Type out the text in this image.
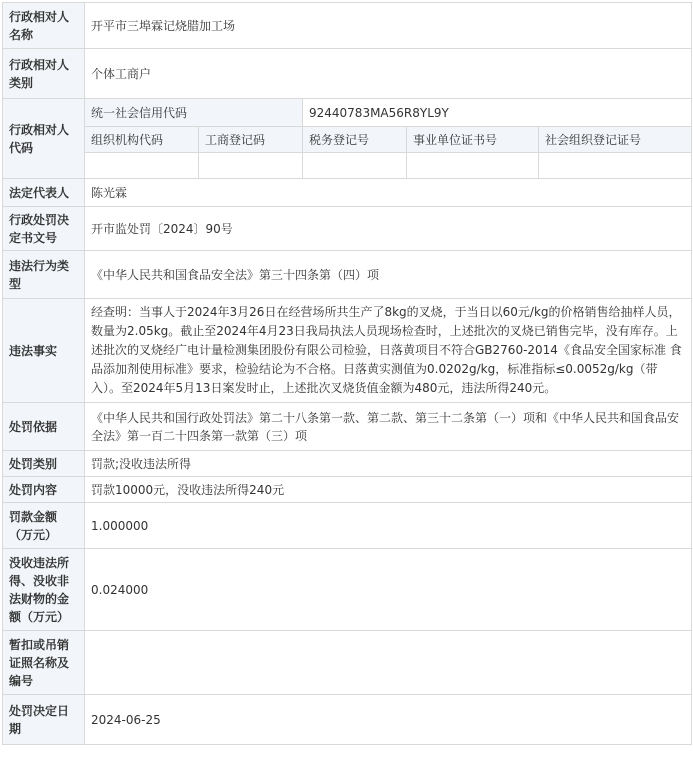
行政相对人名称	开平市三埠霖记烧腊加工场				
行政相对人类别	个体工商户				
行政相对人代码	统一社会信用代码		92440783MA56R8YL9Y		
	组织机构代码	工商登记码	税务登记号	事业单位证书号	社会组织登记证号

法定代表人	陈光霖				
行政处罚决定书文号	开市监处罚〔2024〕90号				
违法行为类型	《中华人民共和国食品安全法》第三十四条第（四）项				
违法事实	经查明：当事人于2024年3月26日在经营场所共生产了8kg的叉烧，于当日以60元/kg的价格销售给抽样人员，数量为2.05kg。截止至2024年4月23日我局执法人员现场检查时，上述批次的叉烧已销售完毕，没有库存。上述批次的叉烧经广电计量检测集团股份有限公司检验，日落黄项目不符合GB2760-2014《食品安全国家标准 食品添加剂使用标准》要求，检验结论为不合格。日落黄实测值为0.0202g/kg，标准指标≤0.0052g/kg（带入）。至2024年5月13日案发时止，上述批次叉烧货值金额为480元，违法所得240元。				
处罚依据	《中华人民共和国行政处罚法》第二十八条第一款、第二款、第三十二条第（一）项和《中华人民共和国食品安全法》第一百二十四条第一款第（三）项				
处罚类别	罚款;没收违法所得				
处罚内容	罚款10000元，没收违法所得240元				
罚款金额（万元）	1.000000				
没收违法所得、没收非法财物的金额（万元）	0.024000				
暂扣或吊销证照名称及编号					
处罚决定日期	2024-06-25				
